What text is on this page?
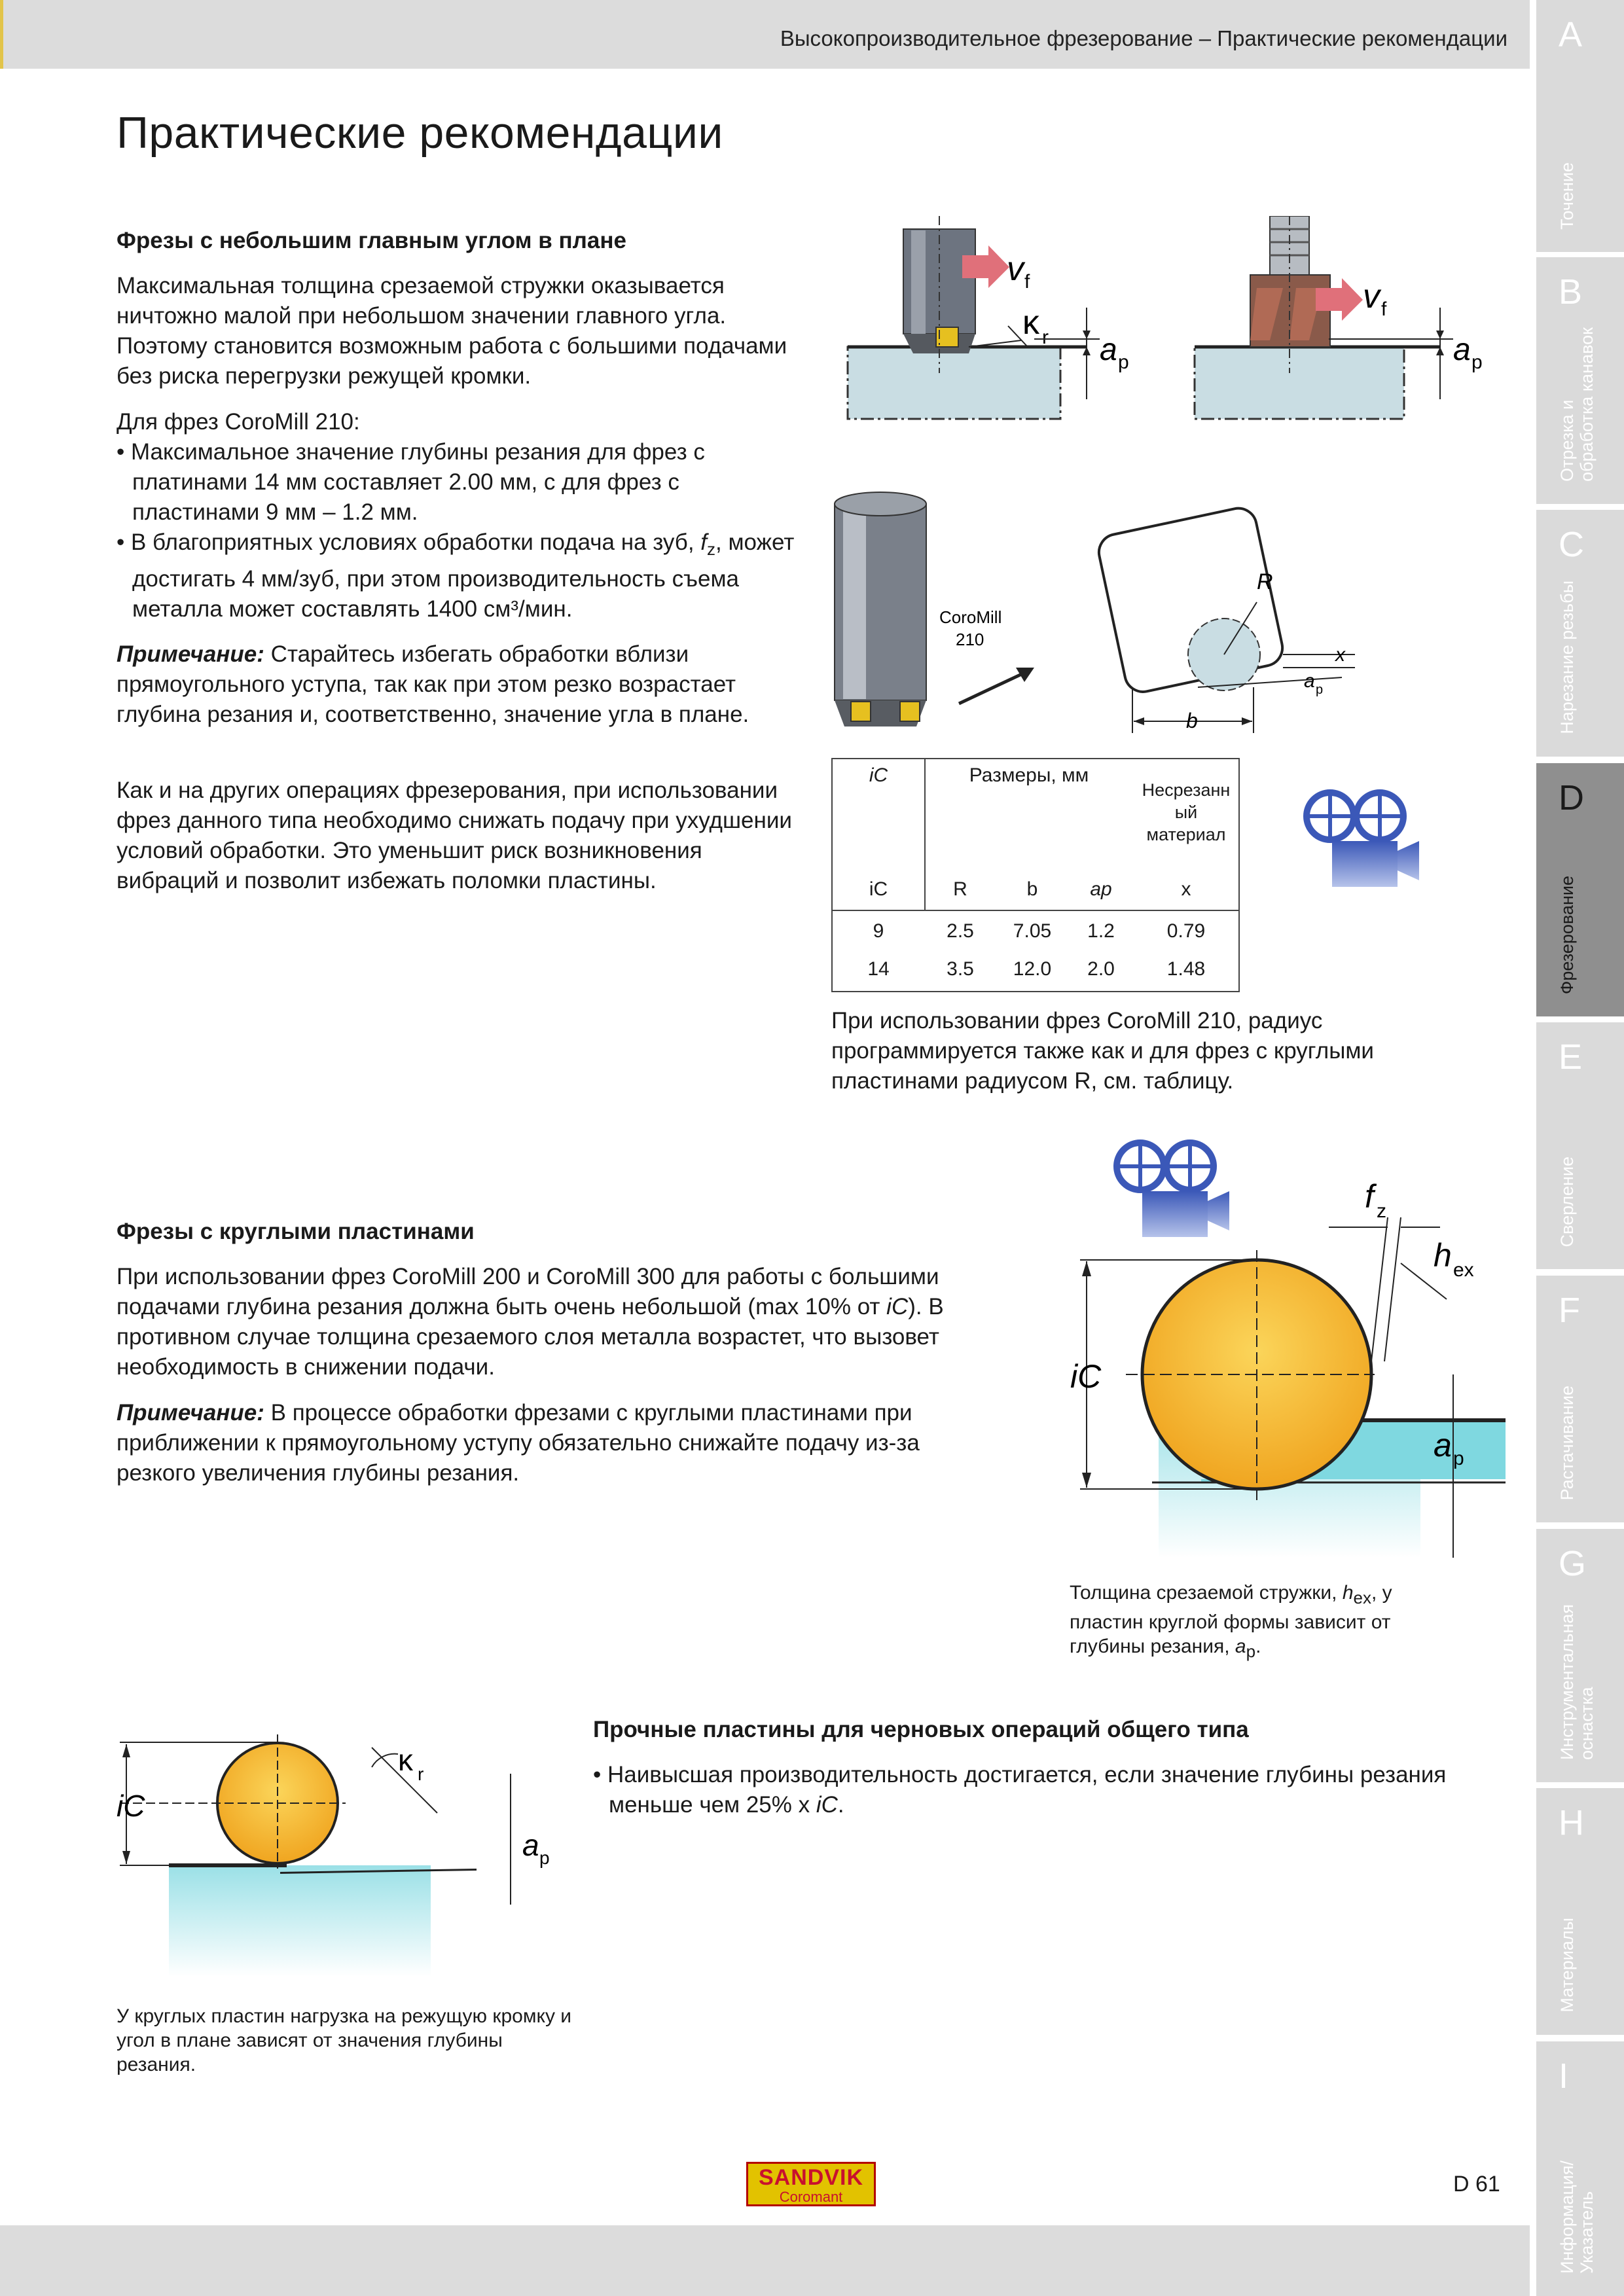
Высокопроизводительное фрезерование – Практические рекомендации A
Точение
B
Отрезка и
обработка канавок
C
Нарезание резьбы
D
Фрезерование
E
Сверление
F
Растачивание
G
Инструментальная
оснастка
H
Материалы
I
Информация/
Указатель
Практические рекомендации
Фрезы с небольшим главным углом в плане

Максимальная толщина срезаемой стружки оказывается ничтожно малой при небольшом значении главного угла. Поэтому становится возможным работа с большими подачами без риска перегрузки режущей кромки.

Для фрез CoroMill 210:

• Максимальное значение глубины резания для фрез с платинами 14 мм составляет 2.00 мм, с для фрез с пластинами 9 мм – 1.2 мм.

• В благоприятных условиях обработки подача на зуб, $f_z$, может достигать 4 мм/зуб, при этом производительность съема металла может составлять 1400 см³/мин.

Примечание: Старайтесь избегать обработки вблизи прямоугольного уступа, так как при этом резко возрастает глубина резания и, соответственно, значение угла в плане.

Как и на других операциях фрезерования, при использовании фрез данного типа необходимо снижать подачу при ухудшении условий обработки. Это уменьшит риск возникновения вибраций и позволит избежать поломки пластины.

v f
κ r a p
v f
a p
CoroMill 210
R
x
a p
b
iC	Размеры, мм
Несрезанн
ый
материал
iC	R	b	ap	x
9	2.5	7.05	1.2	0.79
14	3.5	12.0	2.0	1.48

При использовании фрез CoroMill 210, радиус программируется также как и для фрез с круглыми пластинами радиусом R, см. таблицу.

Фрезы с круглыми пластинами

При использовании фрез CoroMill 200 и CoroMill 300 для работы с большими подачами глубина резания должна быть очень небольшой (max 10% от iC). В противном случае толщина срезаемого слоя металла возрастет, что вызовет необходимость в снижении подачи.

Примечание: В процессе обработки фрезами с круглыми пластинами при приближении к прямоугольному уступу обязательно снижайте подачу из-за резкого увеличения глубины резания.

iC
f z
h ex
a p
Толщина срезаемой стружки, $h_{ex}$, у пластин круглой формы зависит от глубины резания, $a_p$.
iC
κ r
a p
У круглых пластин нагрузка на режущую кромку и угол в плане зависят от значения глубины резания.
Прочные пластины для черновых операций общего типа

• Наивысшая производительность достигается, если значение глубины резания меньше чем 25% x iC.

SANDVIK
Coromant
D 61
